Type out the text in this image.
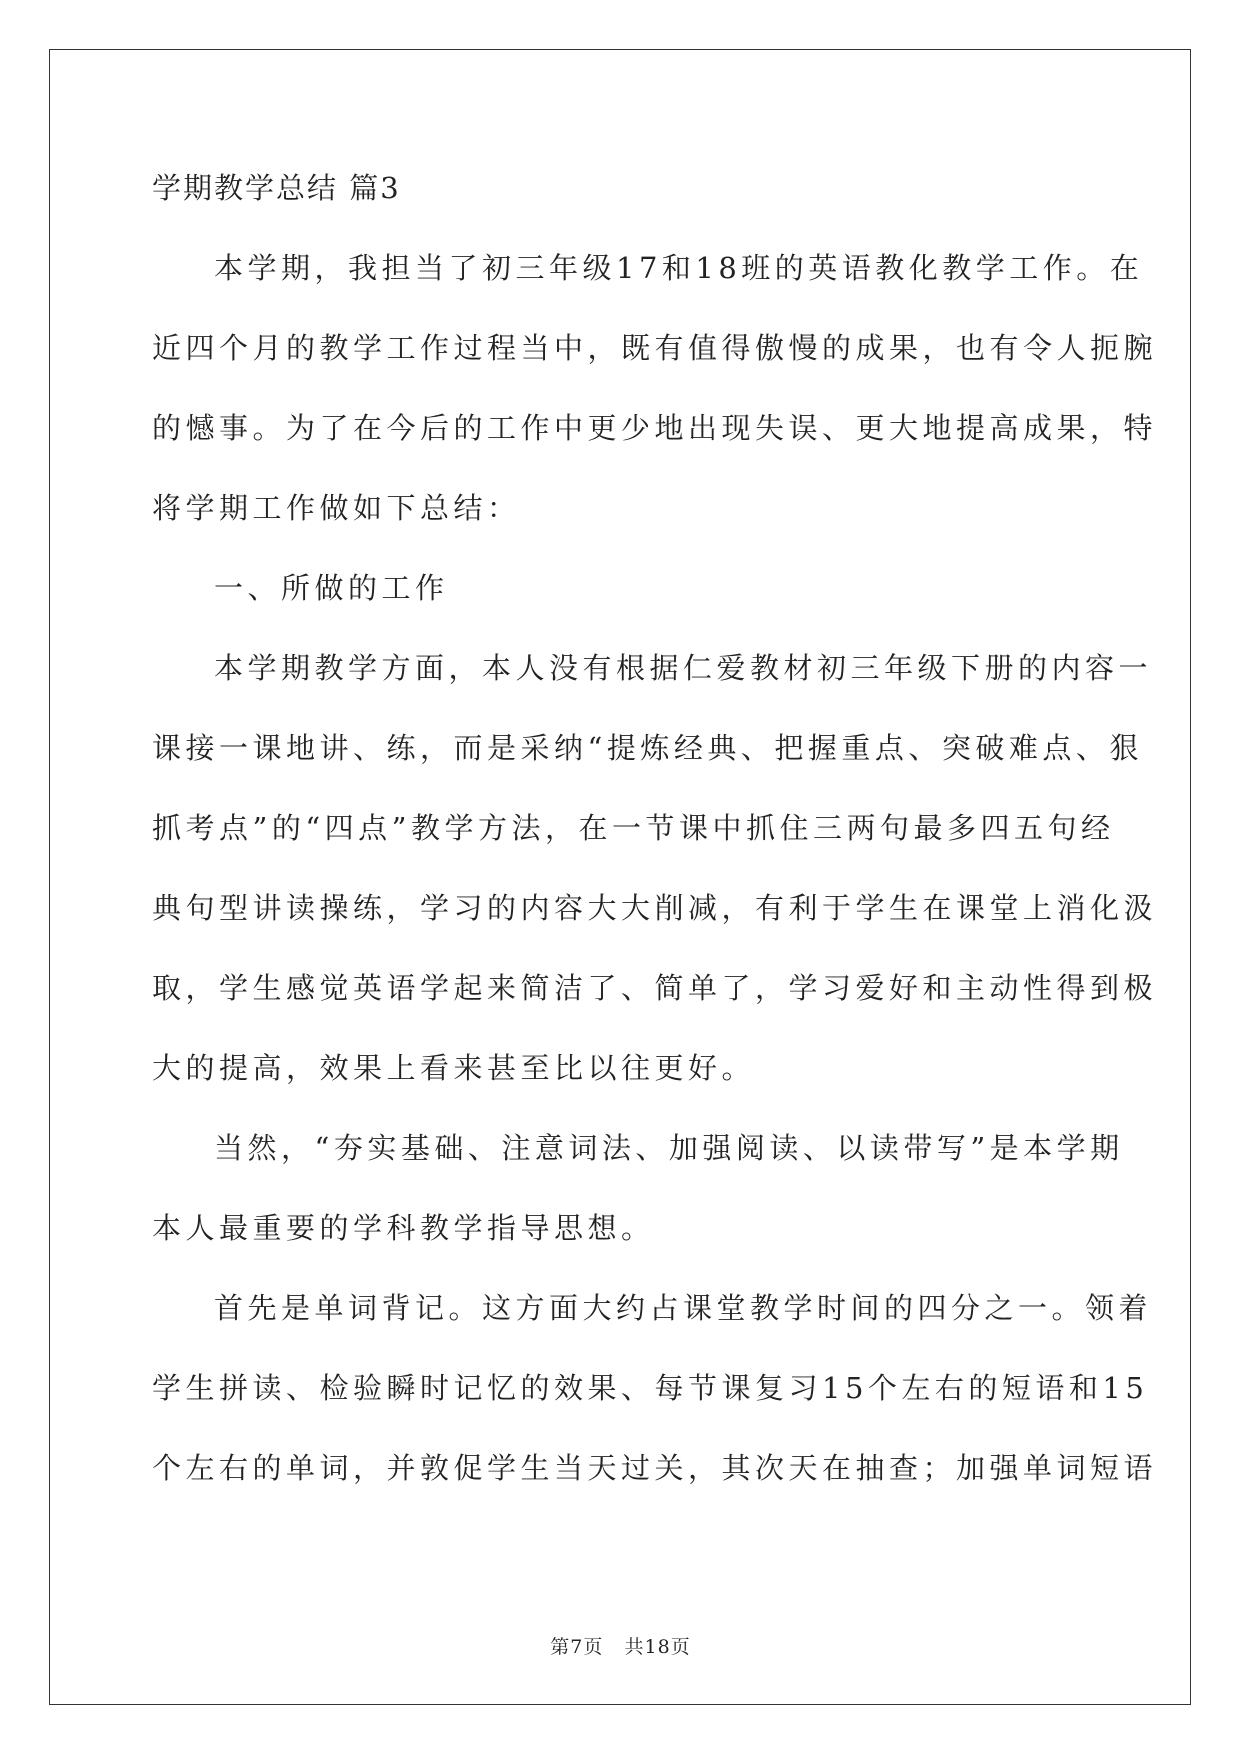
学期教学总结 篇3
本学期，我担当了初三年级17和18班的英语教化教学工作。在
近四个月的教学工作过程当中，既有值得傲慢的成果，也有令人扼腕
的憾事。为了在今后的工作中更少地出现失误、更大地提高成果，特
将学期工作做如下总结：
一、所做的工作
本学期教学方面，本人没有根据仁爱教材初三年级下册的内容一
课接一课地讲、练，而是采纳“提炼经典、把握重点、突破难点、狠
抓考点”的“四点”教学方法，在一节课中抓住三两句最多四五句经
典句型讲读操练，学习的内容大大削减，有利于学生在课堂上消化汲
取，学生感觉英语学起来简洁了、简单了，学习爱好和主动性得到极
大的提高，效果上看来甚至比以往更好。
当然，“夯实基础、注意词法、加强阅读、以读带写”是本学期
本人最重要的学科教学指导思想。
首先是单词背记。这方面大约占课堂教学时间的四分之一。领着
学生拼读、检验瞬时记忆的效果、每节课复习15个左右的短语和15
个左右的单词，并敦促学生当天过关，其次天在抽查；加强单词短语
第7页 共18页
